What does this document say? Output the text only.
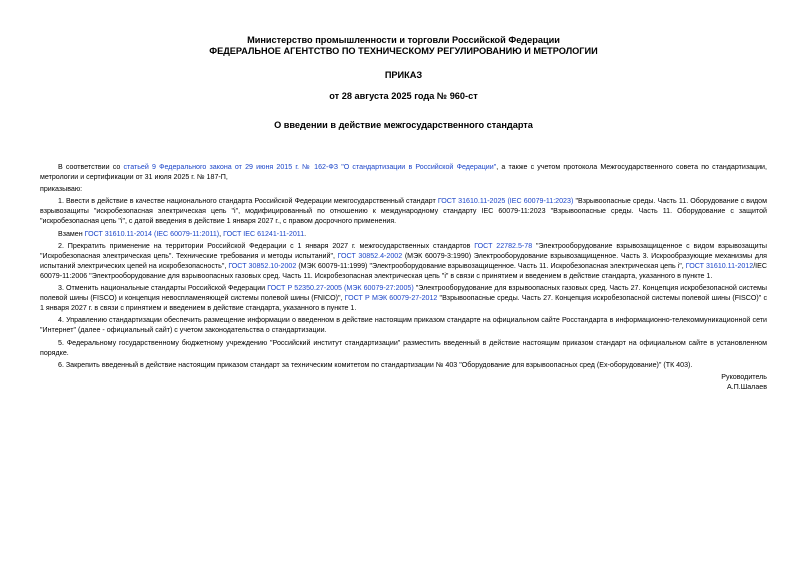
Министерство промышленности и торговли Российской Федерации
ФЕДЕРАЛЬНОЕ АГЕНТСТВО ПО ТЕХНИЧЕСКОМУ РЕГУЛИРОВАНИЮ И МЕТРОЛОГИИ
ПРИКАЗ
от 28 августа 2025 года № 960-ст
О введении в действие межгосударственного стандарта

В соответствии со статьей 9 Федерального закона от 29 июня 2015 г. № 162-ФЗ "О стандартизации в Российской Федерации", а также с учетом протокола Межгосударственного совета по стандартизации, метрологии и сертификации от 31 июля 2025 г. № 187-П,

приказываю:

1. Ввести в действие в качестве национального стандарта Российской Федерации межгосударственный стандарт ГОСТ 31610.11-2025 (IEC 60079-11:2023) "Взрывоопасные среды. Часть 11. Оборудование с видом взрывозащиты "искробезопасная электрическая цепь "i", модифицированный по отношению к международному стандарту IEC 60079-11:2023 "Взрывоопасные среды. Часть 11. Оборудование с защитой "искробезопасная цепь "i", с датой введения в действие 1 января 2027 г., с правом досрочного применения.

Взамен ГОСТ 31610.11-2014 (IEC 60079-11:2011), ГОСТ IEC 61241-11-2011.

2. Прекратить применение на территории Российской Федерации с 1 января 2027 г. межгосударственных стандартов ГОСТ 22782.5-78 "Электрооборудование взрывозащищенное с видом взрывозащиты "Искробезопасная электрическая цепь". Технические требования и методы испытаний", ГОСТ 30852.4-2002 (МЭК 60079-3:1990) Электрооборудование взрывозащищенное. Часть 3. Искрообразующие механизмы для испытаний электрических цепей на искробезопасность", ГОСТ 30852.10-2002 (МЭК 60079-11:1999) "Электрооборудование взрывозащищенное. Часть 11. Искробезопасная электрическая цепь i", ГОСТ 31610.11-2012/IEC 60079-11:2006 "Электрооборудование для взрывоопасных газовых сред. Часть 11. Искробезопасная электрическая цепь "i" в связи с принятием и введением в действие стандарта, указанного в пункте 1.

3. Отменить национальные стандарты Российской Федерации ГОСТ Р 52350.27-2005 (МЭК 60079-27:2005) "Электрооборудование для взрывоопасных газовых сред. Часть 27. Концепция искробезопасной системы полевой шины (FISCO) и концепция невоспламеняющей системы полевой шины (FNICO)", ГОСТ Р МЭК 60079-27-2012 "Взрывоопасные среды. Часть 27. Концепция искробезопасной системы полевой шины (FISCO)" с 1 января 2027 г. в связи с принятием и введением в действие стандарта, указанного в пункте 1.

4. Управлению стандартизации обеспечить размещение информации о введенном в действие настоящим приказом стандарте на официальном сайте Росстандарта в информационно-телекоммуникационной сети "Интернет" (далее - официальный сайт) с учетом законодательства о стандартизации.

5. Федеральному государственному бюджетному учреждению "Российский институт стандартизации" разместить введенный в действие настоящим приказом стандарт на официальном сайте в установленном порядке.

6. Закрепить введенный в действие настоящим приказом стандарт за техническим комитетом по стандартизации № 403 "Оборудование для взрывоопасных сред (Ex-оборудование)" (ТК 403).

Руководитель
А.П.Шалаев
